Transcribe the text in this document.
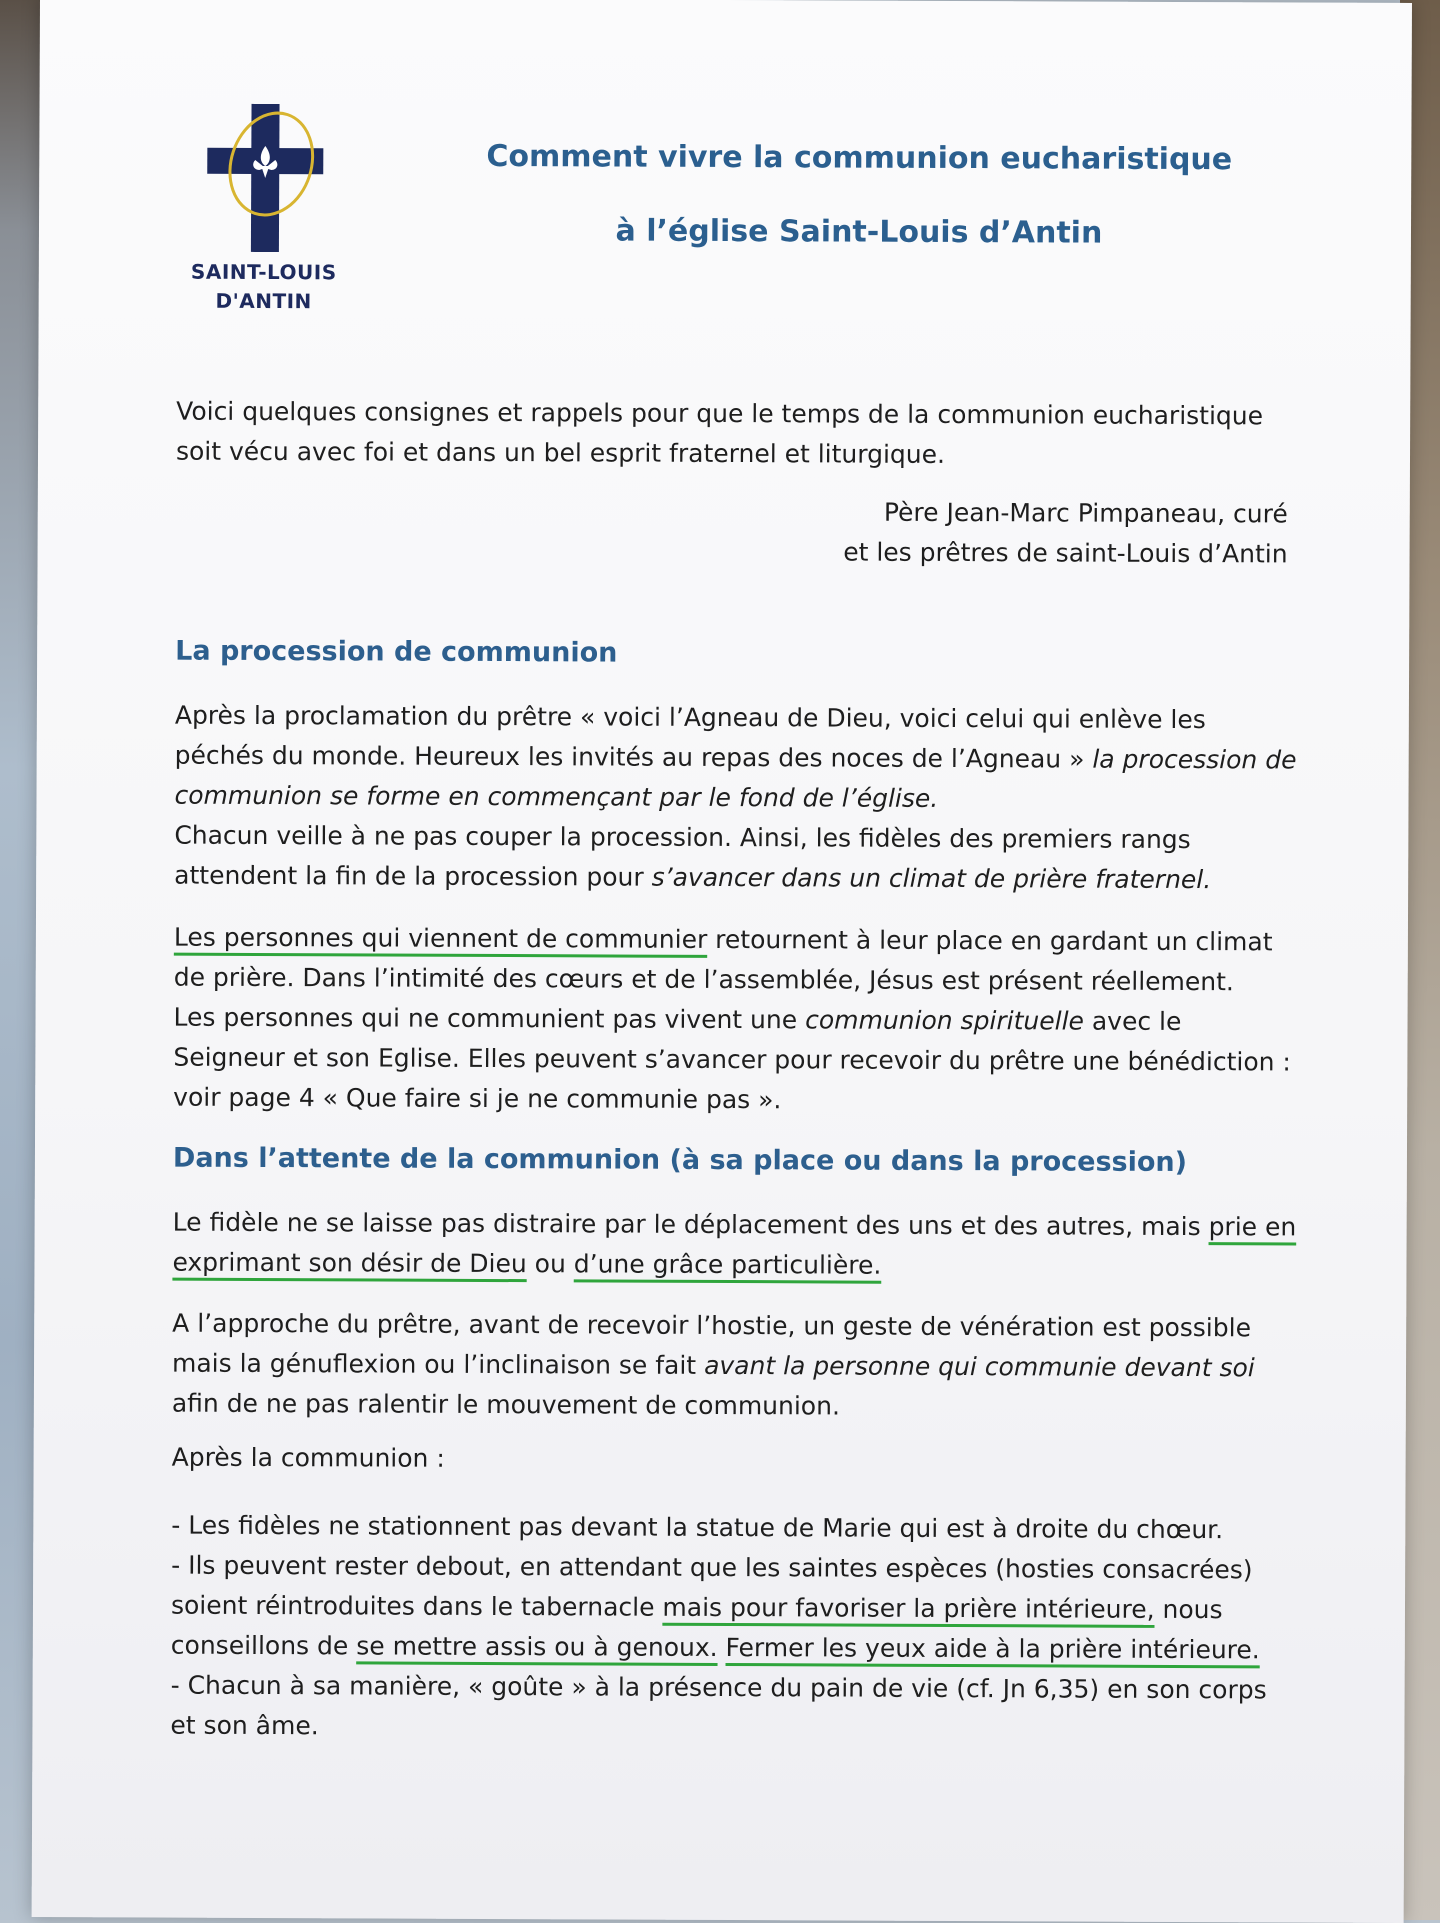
SAINT-LOUIS
D'ANTIN
Comment vivre la communion eucharistique
à l’église Saint-Louis d’Antin

Voici quelques consignes et rappels pour que le temps de la communion eucharistique

soit vécu avec foi et dans un bel esprit fraternel et liturgique.

Père Jean-Marc Pimpaneau, curé
et les prêtres de saint-Louis d’Antin
La procession de communion

Après la proclamation du prêtre « voici l’Agneau de Dieu, voici celui qui enlève les

péchés du monde. Heureux les invités au repas des noces de l’Agneau » la procession de

communion se forme en commençant par le fond de l’église.

Chacun veille à ne pas couper la procession. Ainsi, les fidèles des premiers rangs

attendent la fin de la procession pour s’avancer dans un climat de prière fraternel.

Les personnes qui viennent de communier retournent à leur place en gardant un climat

de prière. Dans l’intimité des cœurs et de l’assemblée, Jésus est présent réellement.

Les personnes qui ne communient pas vivent une communion spirituelle avec le

Seigneur et son Eglise. Elles peuvent s’avancer pour recevoir du prêtre une bénédiction :

voir page 4 « Que faire si je ne communie pas ».

Dans l’attente de la communion (à sa place ou dans la procession)

Le fidèle ne se laisse pas distraire par le déplacement des uns et des autres, mais prie en

exprimant son désir de Dieu ou d’une grâce particulière.

A l’approche du prêtre, avant de recevoir l’hostie, un geste de vénération est possible

mais la génuflexion ou l’inclinaison se fait avant la personne qui communie devant soi

afin de ne pas ralentir le mouvement de communion.

Après la communion :

- Les fidèles ne stationnent pas devant la statue de Marie qui est à droite du chœur.

- Ils peuvent rester debout, en attendant que les saintes espèces (hosties consacrées)

soient réintroduites dans le tabernacle mais pour favoriser la prière intérieure, nous

conseillons de se mettre assis ou à genoux. Fermer les yeux aide à la prière intérieure.

- Chacun à sa manière, « goûte » à la présence du pain de vie (cf. Jn 6,35) en son corps

et son âme.
